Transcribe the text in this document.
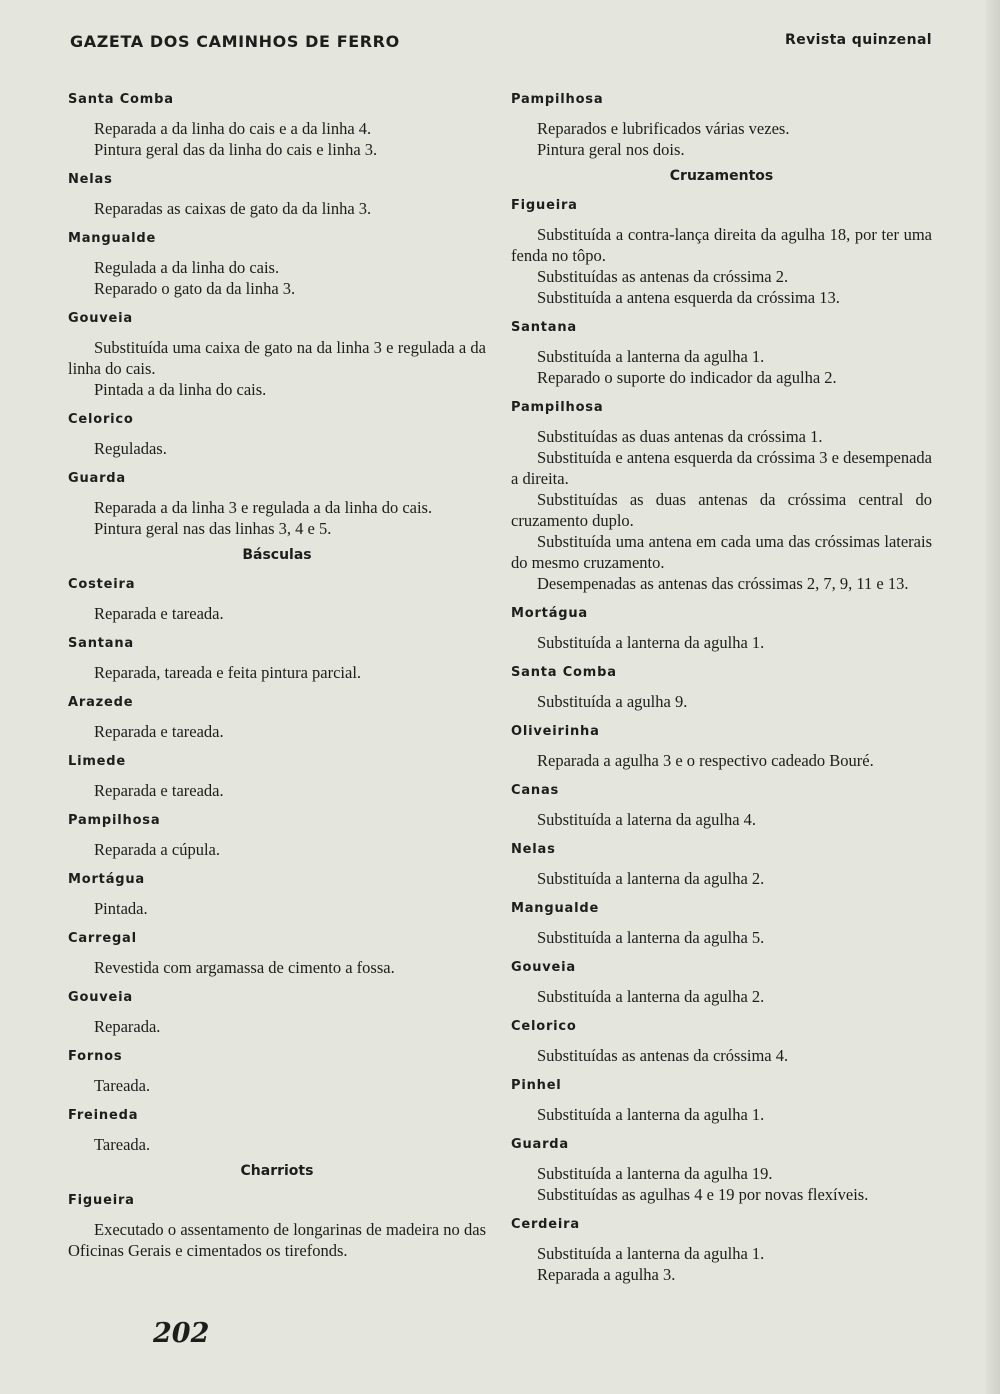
GAZETA DOS CAMINHOS DE FERRO	Revista quinzenal
Santa Comba

Reparada a da linha do cais e a da linha 4.

Pintura geral das da linha do cais e linha 3.

Nelas

Reparadas as caixas de gato da da linha 3.

Mangualde

Regulada a da linha do cais.

Reparado o gato da da linha 3.

Gouveia

Substituída uma caixa de gato na da linha 3 e regulada a da linha do cais.

Pintada a da linha do cais.

Celorico

Reguladas.

Guarda

Reparada a da linha 3 e regulada a da linha do cais.

Pintura geral nas das linhas 3, 4 e 5.

Básculas
Costeira

Reparada e tareada.

Santana

Reparada, tareada e feita pintura parcial.

Arazede

Reparada e tareada.

Limede

Reparada e tareada.

Pampilhosa

Reparada a cúpula.

Mortágua

Pintada.

Carregal

Revestida com argamassa de cimento a fossa.

Gouveia

Reparada.

Fornos

Tareada.

Freineda

Tareada.

Charriots
Figueira

Executado o assentamento de longarinas de madeira no das Oficinas Gerais e cimentados os tirefonds.

Pampilhosa

Reparados e lubrificados várias vezes.

Pintura geral nos dois.

Cruzamentos
Figueira

Substituída a contra-lança direita da agulha 18, por ter uma fenda no tôpo.

Substituídas as antenas da cróssima 2.

Substituída a antena esquerda da cróssima 13.

Santana

Substituída a lanterna da agulha 1.

Reparado o suporte do indicador da agulha 2.

Pampilhosa

Substituídas as duas antenas da cróssima 1.

Substituída e antena esquerda da cróssima 3 e desempenada a direita.

Substituídas as duas antenas da cróssima central do cruzamento duplo.

Substituída uma antena em cada uma das cróssimas laterais do mesmo cruzamento.

Desempenadas as antenas das cróssimas 2, 7, 9, 11 e 13.

Mortágua

Substituída a lanterna da agulha 1.

Santa Comba

Substituída a agulha 9.

Oliveirinha

Reparada a agulha 3 e o respectivo cadeado Bouré.

Canas

Substituída a laterna da agulha 4.

Nelas

Substituída a lanterna da agulha 2.

Mangualde

Substituída a lanterna da agulha 5.

Gouveia

Substituída a lanterna da agulha 2.

Celorico

Substituídas as antenas da cróssima 4.

Pinhel

Substituída a lanterna da agulha 1.

Guarda

Substituída a lanterna da agulha 19.

Substituídas as agulhas 4 e 19 por novas flexíveis.

Cerdeira

Substituída a lanterna da agulha 1.

Reparada a agulha 3.

202
